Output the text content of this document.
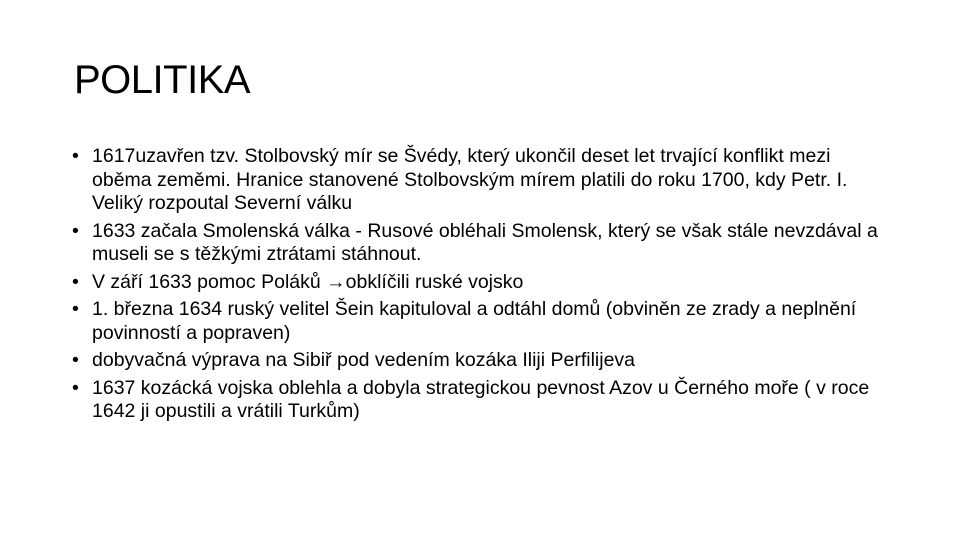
POLITIKA
• 1617uzavřen tzv. Stolbovský mír se Švédy, který ukončil deset let trvající konflikt mezi oběma zeměmi. Hranice stanovené Stolbovským mírem platili do roku 1700, kdy Petr. I. Veliký rozpoutal Severní válku
• 1633 začala Smolenská válka - Rusové obléhali Smolensk, který se však stále nevzdával a museli se s těžkými ztrátami stáhnout.
• V září 1633 pomoc Poláků →obklíčili ruské vojsko
• 1. března 1634 ruský velitel Šein kapituloval a odtáhl domů (obviněn ze zrady a neplnění povinností a popraven)
• dobyvačná výprava na Sibiř pod vedením kozáka Iliji Perfilijeva
• 1637 kozácká vojska oblehla a dobyla strategickou pevnost Azov u Černého moře ( v roce 1642 ji opustili a vrátili Turkům)
